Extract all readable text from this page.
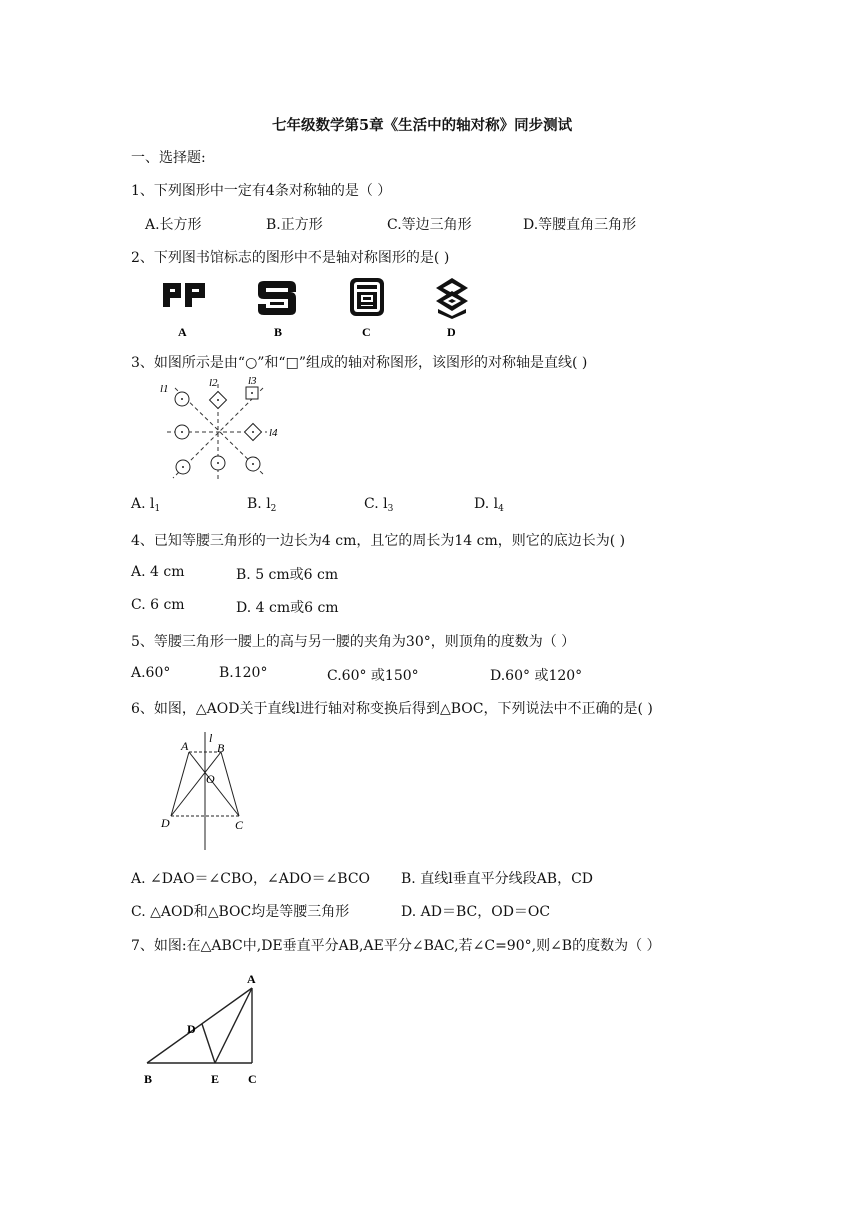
七年级数学第5章《生活中的轴对称》同步测试
一、选择题:
1、下列图形中一定有4条对称轴的是（ ）
A.长方形	B.正方形	C.等边三角形	D.等腰直角三角形
2、下列图书馆标志的图形中不是轴对称图形的是( )
A	B	C	D
3、如图所示是由“○”和“□”组成的轴对称图形，该图形的对称轴是直线( )
l1	l2	l3
l4
A. $l_1$	B. $l_2$	C. $l_3$	D. $l_4$
4、已知等腰三角形的一边长为4 cm，且它的周长为14 cm，则它的底边长为( )
A. 4 cm	B. 5 cm或6 cm
C. 6 cm	D. 4 cm或6 cm
5、等腰三角形一腰上的高与另一腰的夹角为30°，则顶角的度数为（ ）
A.60°	B.120°	C.60° 或150°	D.60° 或120°
6、如图，△AOD关于直线l进行轴对称变换后得到△BOC，下列说法中不正确的是( )
l
A B
O
D	C
A. ∠DAO＝∠CBO，∠ADO＝∠BCO B. 直线l垂直平分线段AB，CD
C. △AOD和△BOC均是等腰三角形	D. AD＝BC，OD＝OC
7、如图:在△ABC中,DE垂直平分AB,AE平分∠BAC,若∠C=90°,则∠B的度数为（ ）
A
D
B	E C
